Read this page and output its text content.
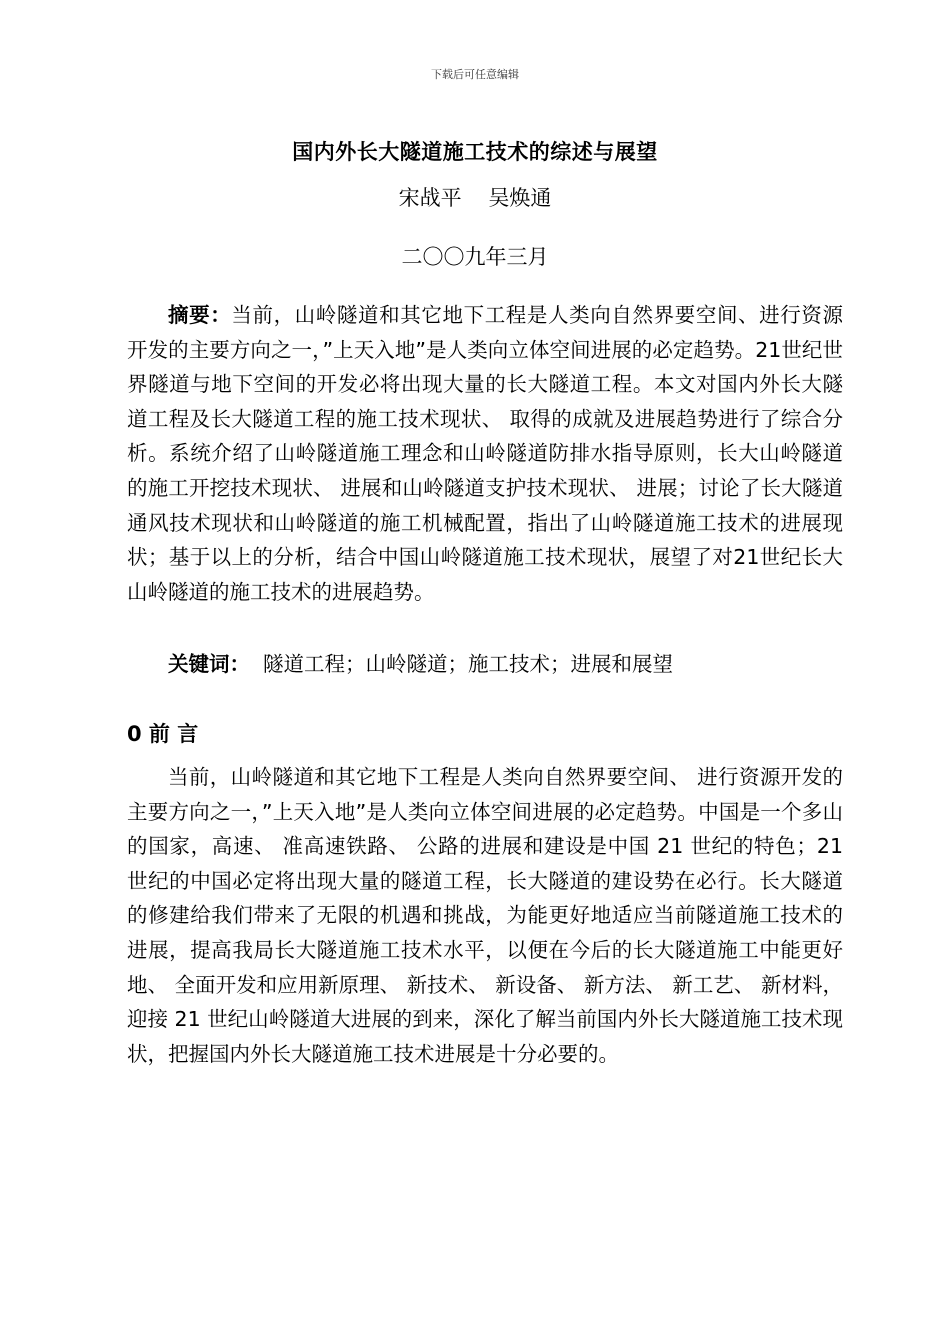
下载后可任意编辑
国内外长大隧道施工技术的综述与展望
宋战平    吴焕通
二〇〇九年三月
摘要：当前，山岭隧道和其它地下工程是人类向自然界要空间、进行资源开发的主要方向之一，”上天入地”是人类向立体空间进展的必定趋势。21世纪世界隧道与地下空间的开发必将出现大量的长大隧道工程。本文对国内外长大隧道工程及长大隧道工程的施工技术现状、 取得的成就及进展趋势进行了综合分析。系统介绍了山岭隧道施工理念和山岭隧道防排水指导原则，长大山岭隧道的施工开挖技术现状、 进展和山岭隧道支护技术现状、 进展；讨论了长大隧道通风技术现状和山岭隧道的施工机械配置，指出了山岭隧道施工技术的进展现状；基于以上的分析，结合中国山岭隧道施工技术现状，展望了对21世纪长大山岭隧道的施工技术的进展趋势。
关键词：  隧道工程；山岭隧道；施工技术；进展和展望
0 前 言
当前，山岭隧道和其它地下工程是人类向自然界要空间、 进行资源开发的主要方向之一，”上天入地”是人类向立体空间进展的必定趋势。中国是一个多山的国家，高速、 准高速铁路、 公路的进展和建设是中国 21 世纪的特色；21 世纪的中国必定将出现大量的隧道工程，长大隧道的建设势在必行。长大隧道的修建给我们带来了无限的机遇和挑战，为能更好地适应当前隧道施工技术的进展，提高我局长大隧道施工技术水平，以便在今后的长大隧道施工中能更好地、 全面开发和应用新原理、 新技术、 新设备、 新方法、 新工艺、 新材料， 迎接 21 世纪山岭隧道大进展的到来，深化了解当前国内外长大隧道施工技术现状，把握国内外长大隧道施工技术进展是十分必要的。
